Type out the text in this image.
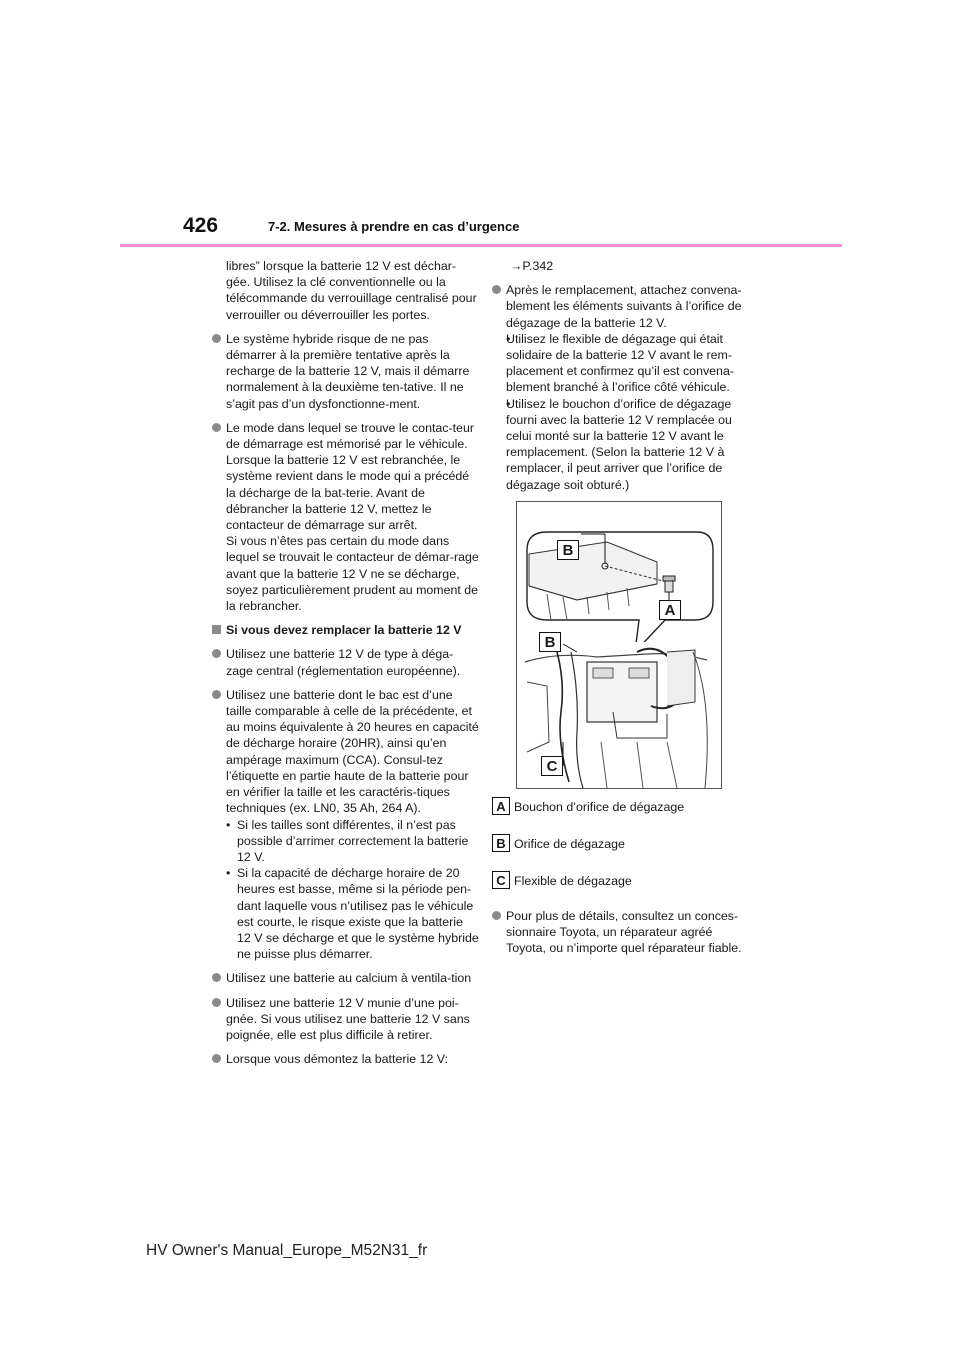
426	7-2. Mesures à prendre en cas d’urgence

libres” lorsque la batterie 12 V est déchar-gée. Utilisez la clé conventionnelle ou la télécommande du verrouillage centralisé pour verrouiller ou déverrouiller les portes.

Le système hybride risque de ne pas démarrer à la première tentative après la recharge de la batterie 12 V, mais il démarre normalement à la deuxième ten-tative. Il ne s’agit pas d’un dysfonctionne-ment.

Le mode dans lequel se trouve le contac-teur de démarrage est mémorisé par le véhicule. Lorsque la batterie 12 V est rebranchée, le système revient dans le mode qui a précédé la décharge de la bat-terie. Avant de débrancher la batterie 12 V, mettez le contacteur de démarrage sur arrêt.
Si vous n’êtes pas certain du mode dans lequel se trouvait le contacteur de démar-rage avant que la batterie 12 V ne se décharge, soyez particulièrement prudent au moment de la rebrancher.

Si vous devez remplacer la batterie 12 V

Utilisez une batterie 12 V de type à déga-zage central (réglementation européenne).

Utilisez une batterie dont le bac est d’une taille comparable à celle de la précédente, et au moins équivalente à 20 heures en capacité de décharge horaire (20HR), ainsi qu’en ampérage maximum (CCA). Consul-tez l’étiquette en partie haute de la batterie pour en vérifier la taille et les caractéris-tiques techniques (ex. LN0, 35 Ah, 264 A).

• Si les tailles sont différentes, il n’est pas possible d’arrimer correctement la batterie 12 V.

• Si la capacité de décharge horaire de 20 heures est basse, même si la période pen-dant laquelle vous n’utilisez pas le véhicule est courte, le risque existe que la batterie 12 V se décharge et que le système hybride ne puisse plus démarrer.

Utilisez une batterie au calcium à ventila-tion

Utilisez une batterie 12 V munie d’une poi-gnée. Si vous utilisez une batterie 12 V sans poignée, elle est plus difficile à retirer.

Lorsque vous démontez la batterie 12 V:

→P.342

Après le remplacement, attachez convena-blement les éléments suivants à l’orifice de dégazage de la batterie 12 V.

• Utilisez le flexible de dégazage qui était solidaire de la batterie 12 V avant le rem-placement et confirmez qu’il est convena-blement branché à l’orifice côté véhicule.

• Utilisez le bouchon d’orifice de dégazage fourni avec la batterie 12 V remplacée ou celui monté sur la batterie 12 V avant le remplacement. (Selon la batterie 12 V à remplacer, il peut arriver que l’orifice de dégazage soit obturé.)

B
A
B
C
A Bouchon d’orifice de dégazage
B Orifice de dégazage
C Flexible de dégazage

Pour plus de détails, consultez un conces-sionnaire Toyota, un réparateur agréé Toyota, ou n’importe quel réparateur fiable.

HV Owner's Manual_Europe_M52N31_fr
